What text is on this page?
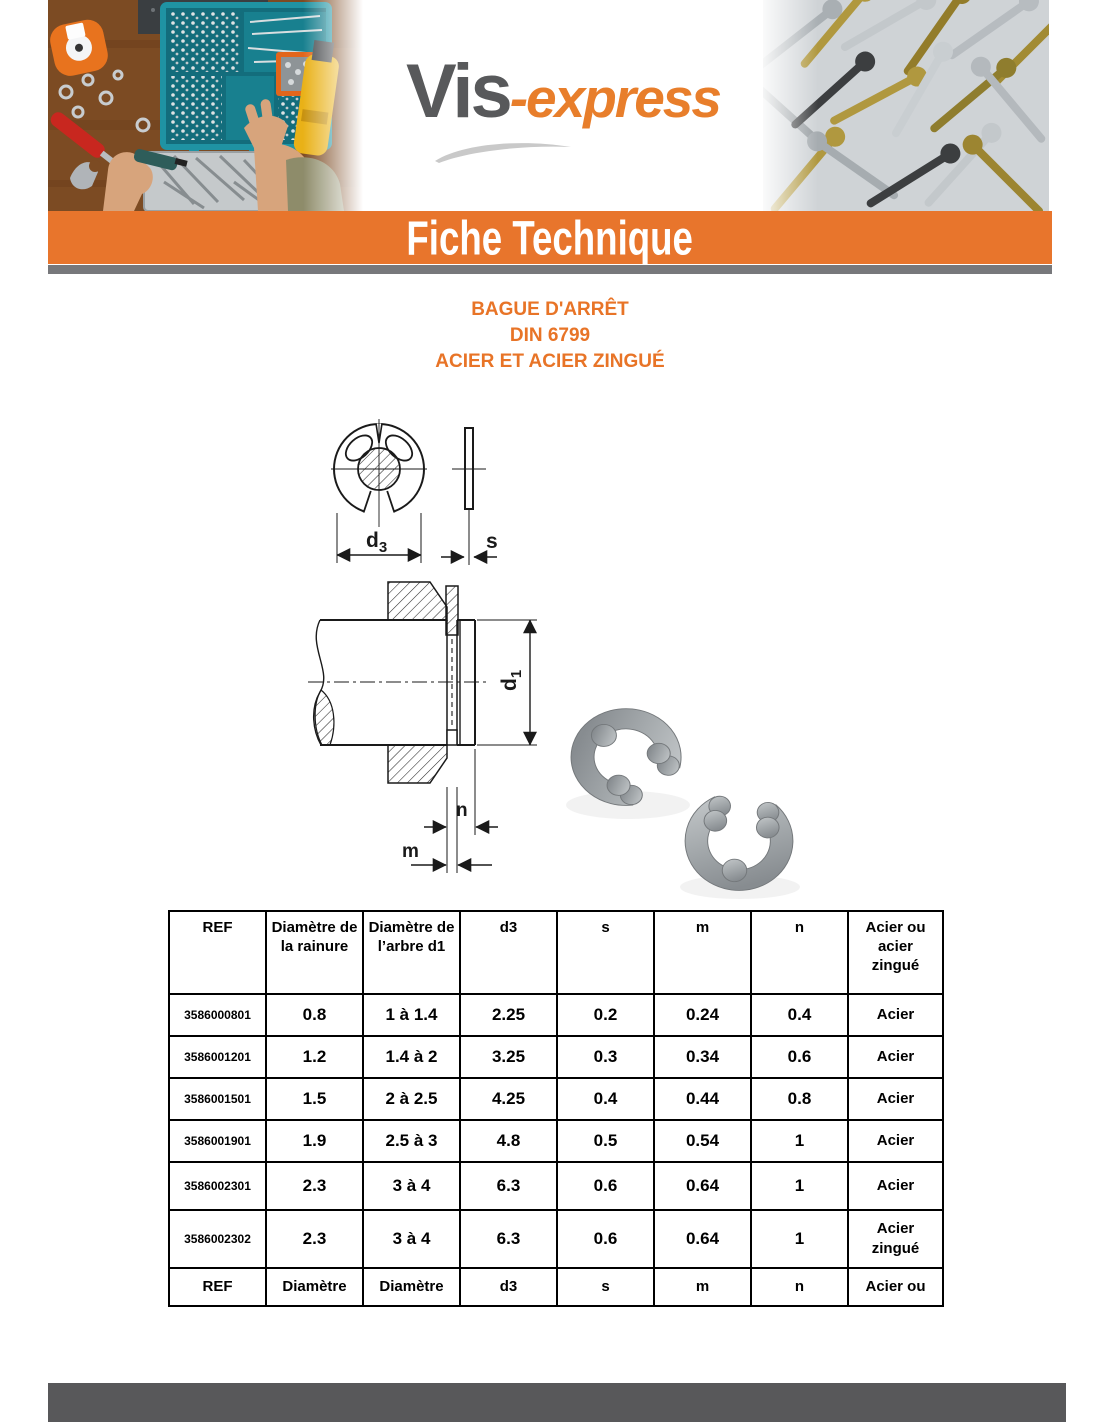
Vis -express
Fiche Technique
BAGUE D'ARRÊT
DIN 6799
ACIER ET ACIER ZINGUÉ
$d_3$	s
$d_1$
n
m
REF	Diamètre de la rainure	Diamètre de l’arbre d1	d3	s	m	n	Acier ou acier zingué
3586000801	0.8	1 à 1.4	2.25	0.2	0.24	0.4	Acier
3586001201	1.2	1.4 à 2	3.25	0.3	0.34	0.6	Acier
3586001501	1.5	2 à 2.5	4.25	0.4	0.44	0.8	Acier
3586001901	1.9	2.5 à 3	4.8	0.5	0.54	1	Acier
3586002301	2.3	3 à 4	6.3	0.6	0.64	1	Acier
3586002302	2.3	3 à 4	6.3	0.6	0.64	1	Acier zingué
REF	Diamètre	Diamètre	d3	s	m	n	Acier ou
